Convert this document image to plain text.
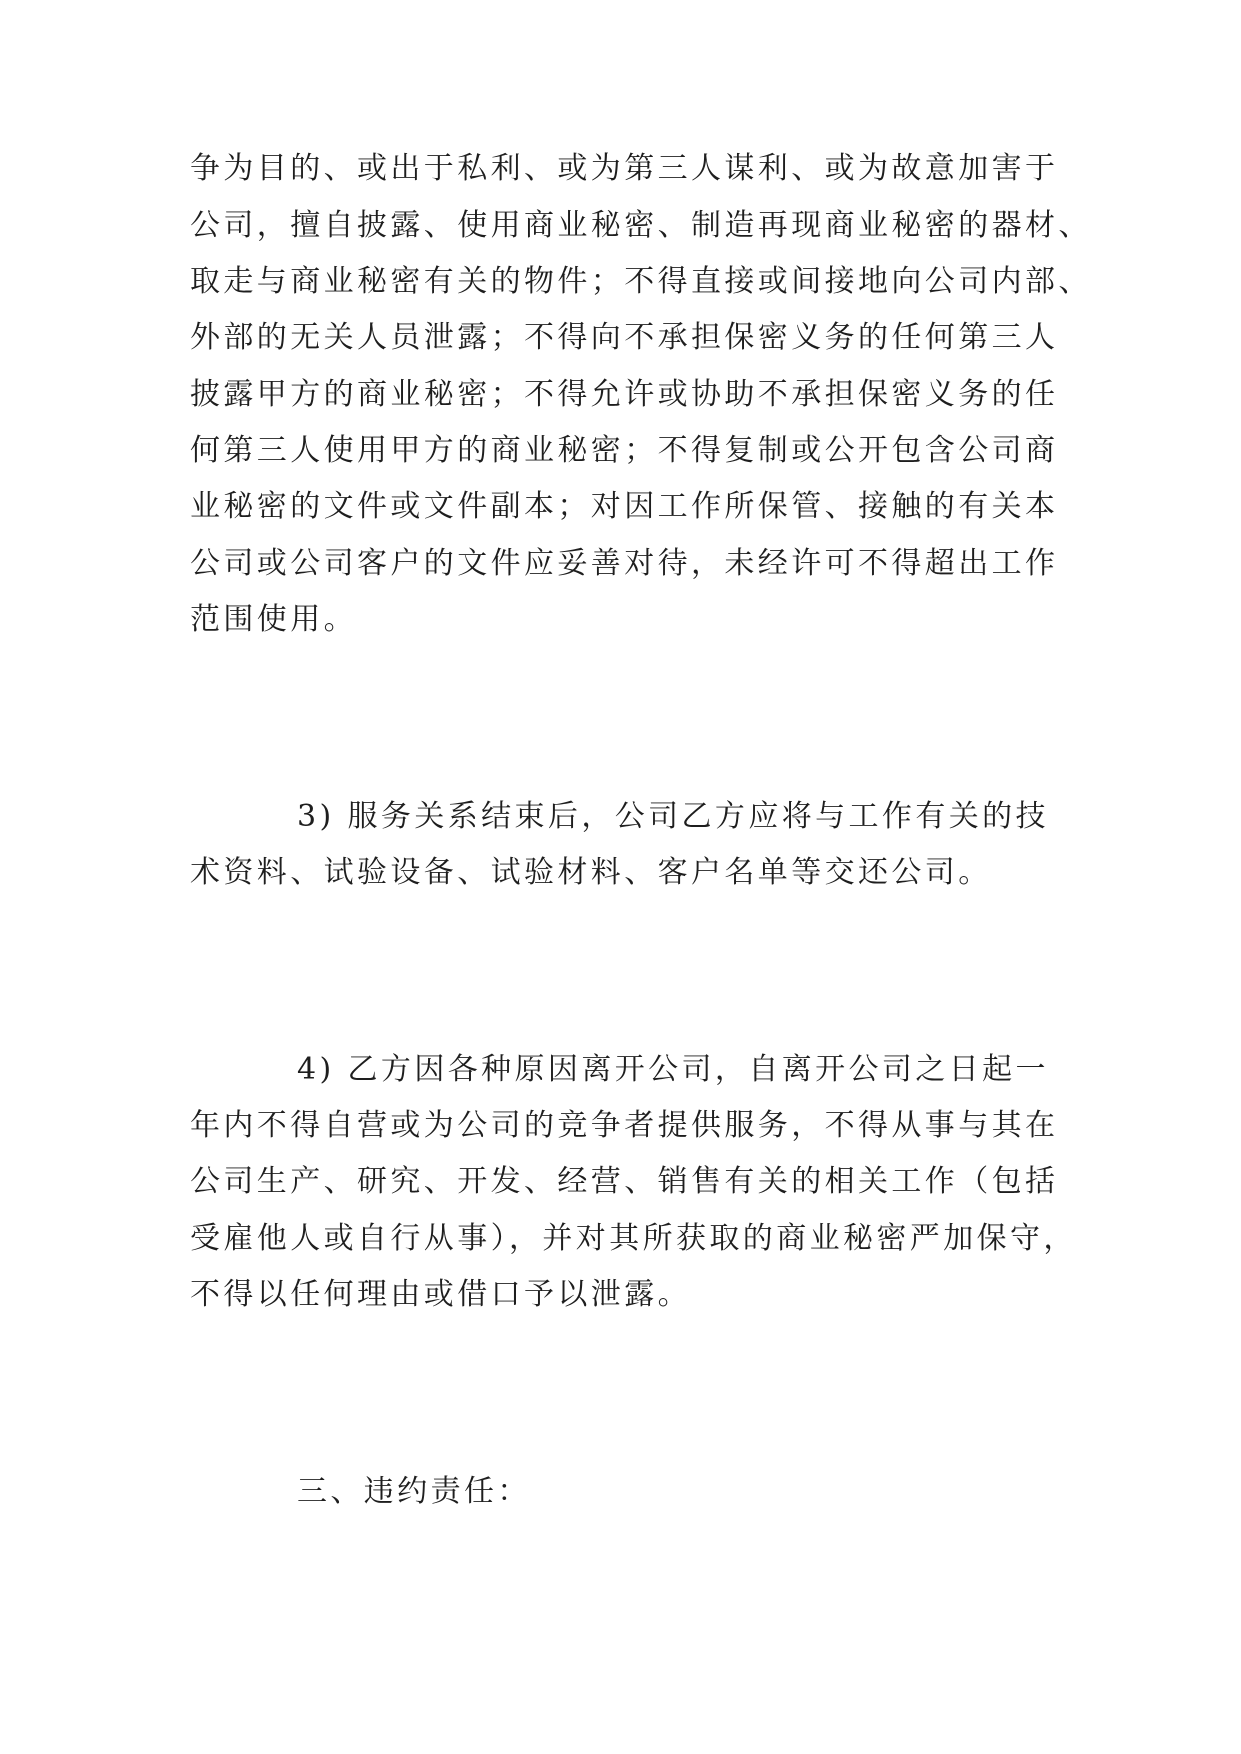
争为目的、或出于私利、或为第三人谋利、或为故意加害于

公司，擅自披露、使用商业秘密、制造再现商业秘密的器材、

取走与商业秘密有关的物件；不得直接或间接地向公司内部、

外部的无关人员泄露；不得向不承担保密义务的任何第三人

披露甲方的商业秘密；不得允许或协助不承担保密义务的任

何第三人使用甲方的商业秘密；不得复制或公开包含公司商

业秘密的文件或文件副本；对因工作所保管、接触的有关本

公司或公司客户的文件应妥善对待，未经许可不得超出工作

范围使用。

3) 服务关系结束后，公司乙方应将与工作有关的技

术资料、试验设备、试验材料、客户名单等交还公司。

4) 乙方因各种原因离开公司，自离开公司之日起一

年内不得自营或为公司的竞争者提供服务，不得从事与其在

公司生产、研究、开发、经营、销售有关的相关工作（包括

受雇他人或自行从事），并对其所获取的商业秘密严加保守，

不得以任何理由或借口予以泄露。

三、违约责任：
